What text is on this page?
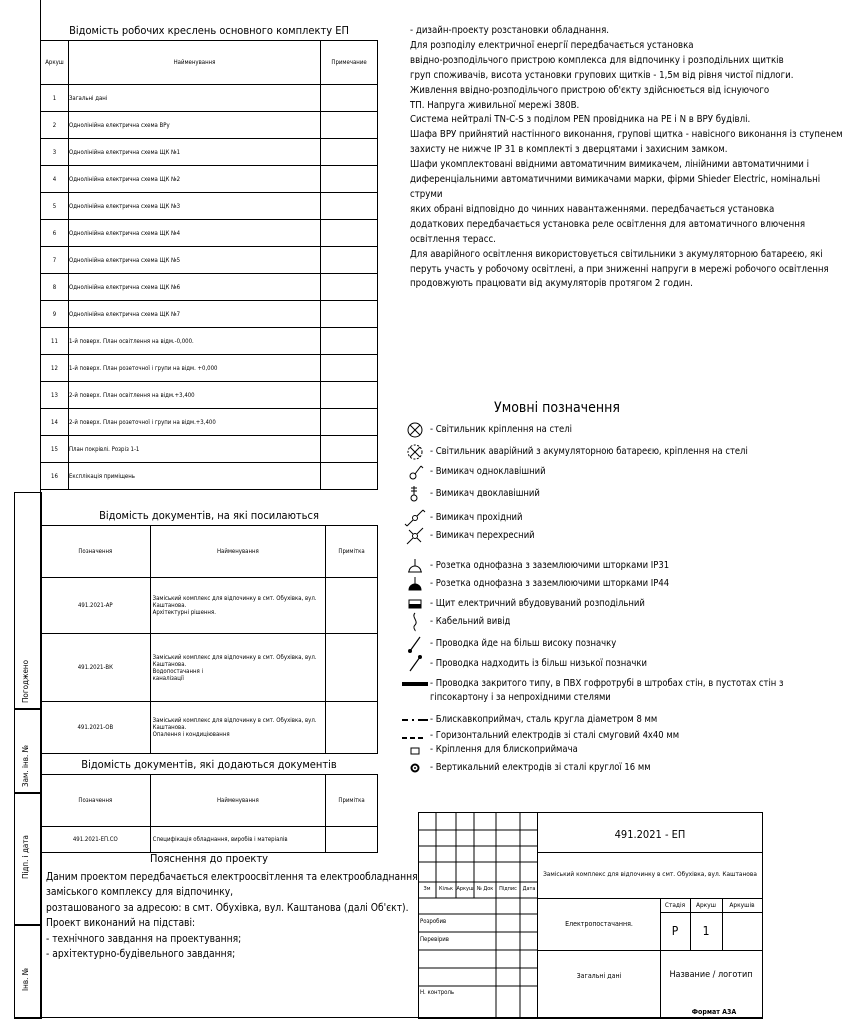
Відомість робочих креслень основного комплекту ЕП
Аркуш	Найменування	Примечание
1	Загальні дані	
2	Однолінійна електрична схема ВРу	
3	Однолінійна електрична схема ЩК №1	
4	Однолінійна електрична схема ЩК №2	
5	Однолінійна електрична схема ЩК №3	
6	Однолінійна електрична схема ЩК №4	
7	Однолінійна електрична схема ЩК №5	
8	Однолінійна електрична схема ЩК №6	
9	Однолінійна електрична схема ЩК №7	
11	1-й поверх. План освітлення на відм.-0,000.	
12	1-й поверх. План розеточної і групи на відм. +0,000	
13	2-й поверх. План освітлення на відм.+3,400	
14	2-й поверх. План розеточної і групи на відм.+3,400	
15	План покрівлі. Розріз 1-1	
16	Експлікація приміщень	
Відомість документів, на які посилаються
Позначення	Найменування	Примітка
491.2021-АР	Заміський комплекс для відпочинку в смт. Обухівка, вул. Каштанова.
Архітектурні рішення.	

491.2021-ВК	Заміський комплекс для відпочинку в смт. Обухівка, вул. Каштанова.
Водопостачання і
каналізації	

491.2021-ОВ	Заміський комплекс для відпочинку в смт. Обухівка, вул. Каштанова.
Опалення і кондиціювання	

Відомість документів, які додаються документів
Позначення	Найменування	Примітка
491.2021-ЕП.СО	Специфікація обладнання, виробів і матеріалів	
Пояснення до проекту
Даним проектом передбачається електроосвітлення та електрообладнання
заміського комплексу для відпочинку,
розташованого за адресою: в смт. Обухівка, вул. Каштанова (далі Об'єкт).
Проект виконаний на підставі:
- технічного завдання на проектування;
- архітектурно-будівельного завдання;
Погоджено
Зам. інв. №
Підп. і дата
Інв. №
- дизайн-проекту розстановки обладнання.
Для розподілу електричної енергії передбачається установка
ввідно-розподільчого пристрою комплекса для відпочинку і розподільних щитків
груп споживачів, висота установки групових щитків - 1,5м від рівня чистої підлоги.
Живлення ввідно-розподільчого пристрою об'єкту здійснюється від існуючого
ТП. Напруга живильної мережі 380В.
Система нейтралі TN-C-S з поділом PEN провідника на PE і N в ВРУ будівлі.
Шафа ВРУ прийнятий настінного виконання, групові щитка - навісного виконання із ступенем
захисту не нижче IP 31 в комплекті з дверцятами і захисним замком.
Шафи укомплектовані ввідними автоматичним вимикачем, лінійними автоматичними і
диференціальними автоматичними вимикачами марки, фірми Shieder Electric, номінальні
струми
яких обрані відповідно до чинних навантаженнями. передбачається установка
додаткових передбачається установка реле освітлення для автоматичного влючення
освітлення терасс.
Для аварійного освітлення використовується світильники з акумуляторною батареєю, які
перуть участь у робочому освітлені, а при зниженні напруги в мережі робочого освітлення
продовжують працювати від акумуляторів протягом 2 годин.
Умовні позначення
- Світильник кріплення на стелі
- Світильник аварійний з акумуляторною батареєю, кріплення на стелі
- Вимикач одноклавішний
- Вимикач двоклавішний
- Вимикач прохідний
- Вимикач перехресний
- Розетка однофазна з заземлюючими шторками IP31
- Розетка однофазна з заземлюючими шторками IP44
- Щит електричний вбудовуваний розподільний
- Кабельний вивід
- Проводка йде на більш високу позначку
- Проводка надходить із більш низької позначки
- Проводка закритого типу, в ПВХ гофротрубі в штробах стін, в пустотах стін з
гіпсокартону і за непрохідними стелями
- Блискавкоприймач, сталь кругла діаметром 8 мм
- Горизонтальний електродів зі сталі смуговий 4х40 мм
- Кріплення для блископриймача
- Вертикальний електродів зі сталі круглої 16 мм
Зм	Кільк Аркуш № Док	Підпис	Дата
Розробив
Перевірив
Н. контроль
491.2021 - ЕП
Заміський комплекс для відпочинку в смт. Обухівка, вул. Каштанова
Електропостачання.
Стадія	Аркуш	Аркушів
Р	1
Загальні дані	Название / логотип
Формат А3А
